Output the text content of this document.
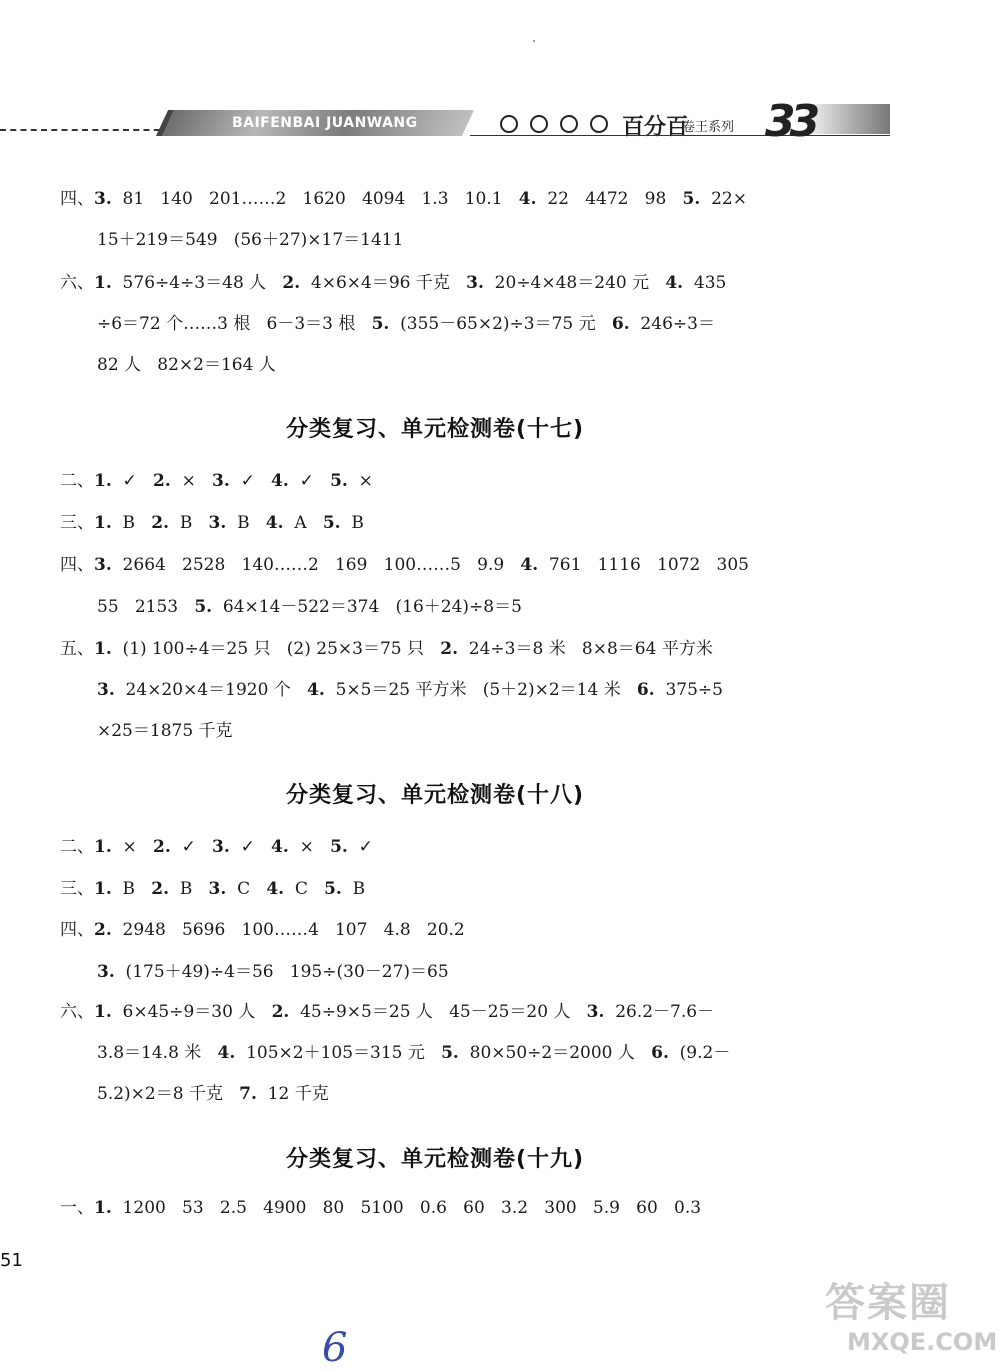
BAIFENBAI JUANWANG XILIE
百分百
卷王系列 33
四、3.  81   140   201……2   1620   4094   1.3   10.1   4.  22   4472   98   5.  22×
15＋219＝549   (56＋27)×17＝1411
六、1.  576÷4÷3＝48 人   2.  4×6×4＝96 千克   3.  20÷4×48＝240 元   4.  435
÷6＝72 个……3 根   6－3＝3 根   5.  (355－65×2)÷3＝75 元   6.  246÷3＝
82 人   82×2＝164 人
分类复习、单元检测卷(十七)
二、1.  ✓   2.  ×   3.  ✓   4.  ✓   5.  ×
三、1.  B   2.  B   3.  B   4.  A   5.  B
四、3.  2664   2528   140……2   169   100……5   9.9   4.  761   1116   1072   305
55   2153   5.  64×14－522＝374   (16＋24)÷8＝5
五、1.  (1) 100÷4＝25 只   (2) 25×3＝75 只   2.  24÷3＝8 米   8×8＝64 平方米
3.  24×20×4＝1920 个   4.  5×5＝25 平方米   (5＋2)×2＝14 米   6.  375÷5
×25＝1875 千克
分类复习、单元检测卷(十八)
二、1.  ×   2.  ✓   3.  ✓   4.  ×   5.  ✓
三、1.  B   2.  B   3.  C   4.  C   5.  B
四、2.  2948   5696   100……4   107   4.8   20.2
3.  (175＋49)÷4＝56   195÷(30－27)＝65
六、1.  6×45÷9＝30 人   2.  45÷9×5＝25 人   45－25＝20 人   3.  26.2－7.6－
3.8＝14.8 米   4.  105×2＋105＝315 元   5.  80×50÷2＝2000 人   6.  (9.2－
5.2)×2＝8 千克   7.  12 千克
分类复习、单元检测卷(十九)
一、1.  1200   53   2.5   4900   80   5100   0.6   60   3.2   300   5.9   60   0.3
51
6
答案圈
MXQE.COM
